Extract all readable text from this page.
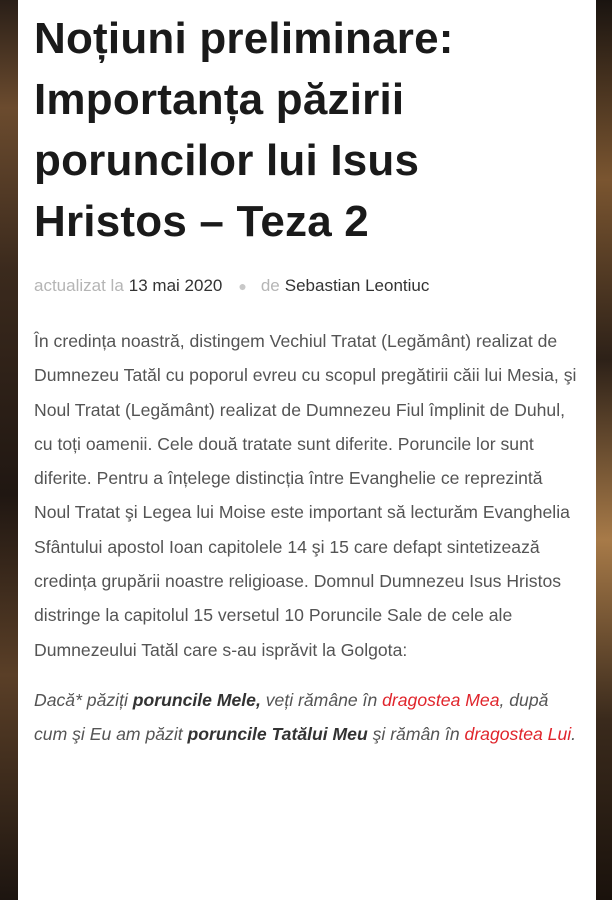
Noțiuni preliminare: Importanța păzirii poruncilor lui Isus Hristos – Teza 2
actualizat la 13 mai 2020 ● de Sebastian Leontiuc

În credința noastră, distingem Vechiul Tratat (Legământ) realizat de Dumnezeu Tatăl cu poporul evreu cu scopul pregătirii căii lui Mesia, şi Noul Tratat (Legământ) realizat de Dumnezeu Fiul împlinit de Duhul, cu toți oamenii. Cele două tratate sunt diferite. Poruncile lor sunt diferite. Pentru a înțelege distincția între Evanghelie ce reprezintă Noul Tratat şi Legea lui Moise este important să lecturăm Evanghelia Sfântului apostol Ioan capitolele 14 şi 15 care defapt sintetizează credința grupării noastre religioase. Domnul Dumnezeu Isus Hristos distringe la capitolul 15 versetul 10 Poruncile Sale de cele ale Dumnezeului Tatăl care s-au isprăvit la Golgota:

Dacă* păziți poruncile Mele, veți rămâne în dragostea Mea, după cum şi Eu am păzit poruncile Tatălui Meu şi rămân în dragostea Lui.
